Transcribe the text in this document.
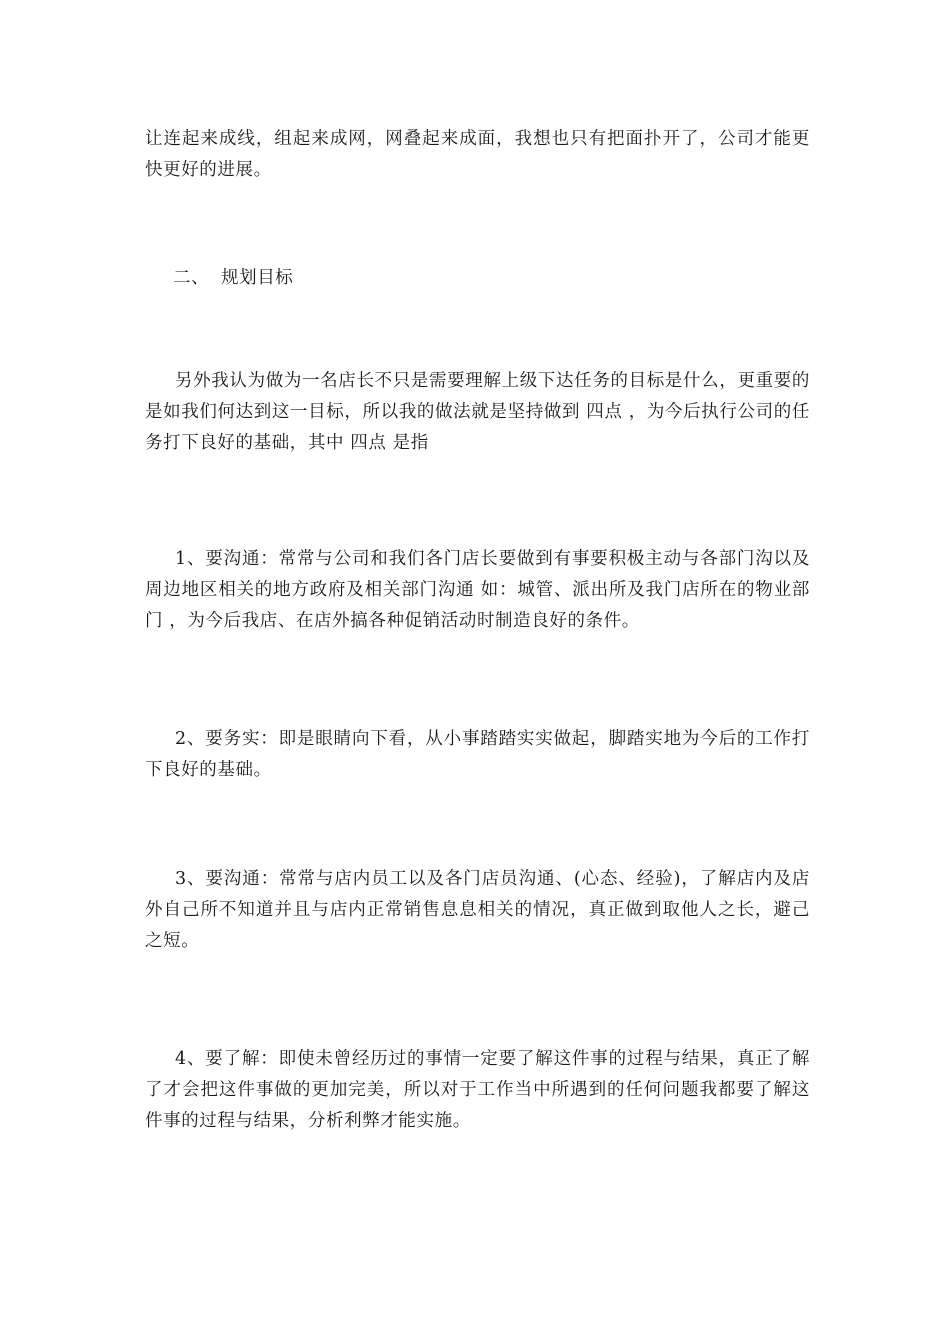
让连起来成线，组起来成网，网叠起来成面，我想也只有把面扑开了，公司才能更快更好的进展。

二、 规划目标

另外我认为做为一名店长不只是需要理解上级下达任务的目标是什么，更重要的是如我们何达到这一目标，所以我的做法就是坚持做到 四点 ，为今后执行公司的任务打下良好的基础，其中 四点 是指

1、要沟通：常常与公司和我们各门店长要做到有事要积极主动与各部门沟以及周边地区相关的地方政府及相关部门沟通 如：城管、派出所及我门店所在的物业部门 ，为今后我店、在店外搞各种促销活动时制造良好的条件。

2、要务实：即是眼睛向下看，从小事踏踏实实做起，脚踏实地为今后的工作打下良好的基础。

3、要沟通：常常与店内员工以及各门店员沟通、(心态、经验)，了解店内及店外自己所不知道并且与店内正常销售息息相关的情况，真正做到取他人之长，避己之短。

4、要了解：即使未曾经历过的事情一定要了解这件事的过程与结果，真正了解了才会把这件事做的更加完美，所以对于工作当中所遇到的任何问题我都要了解这件事的过程与结果，分析利弊才能实施。
